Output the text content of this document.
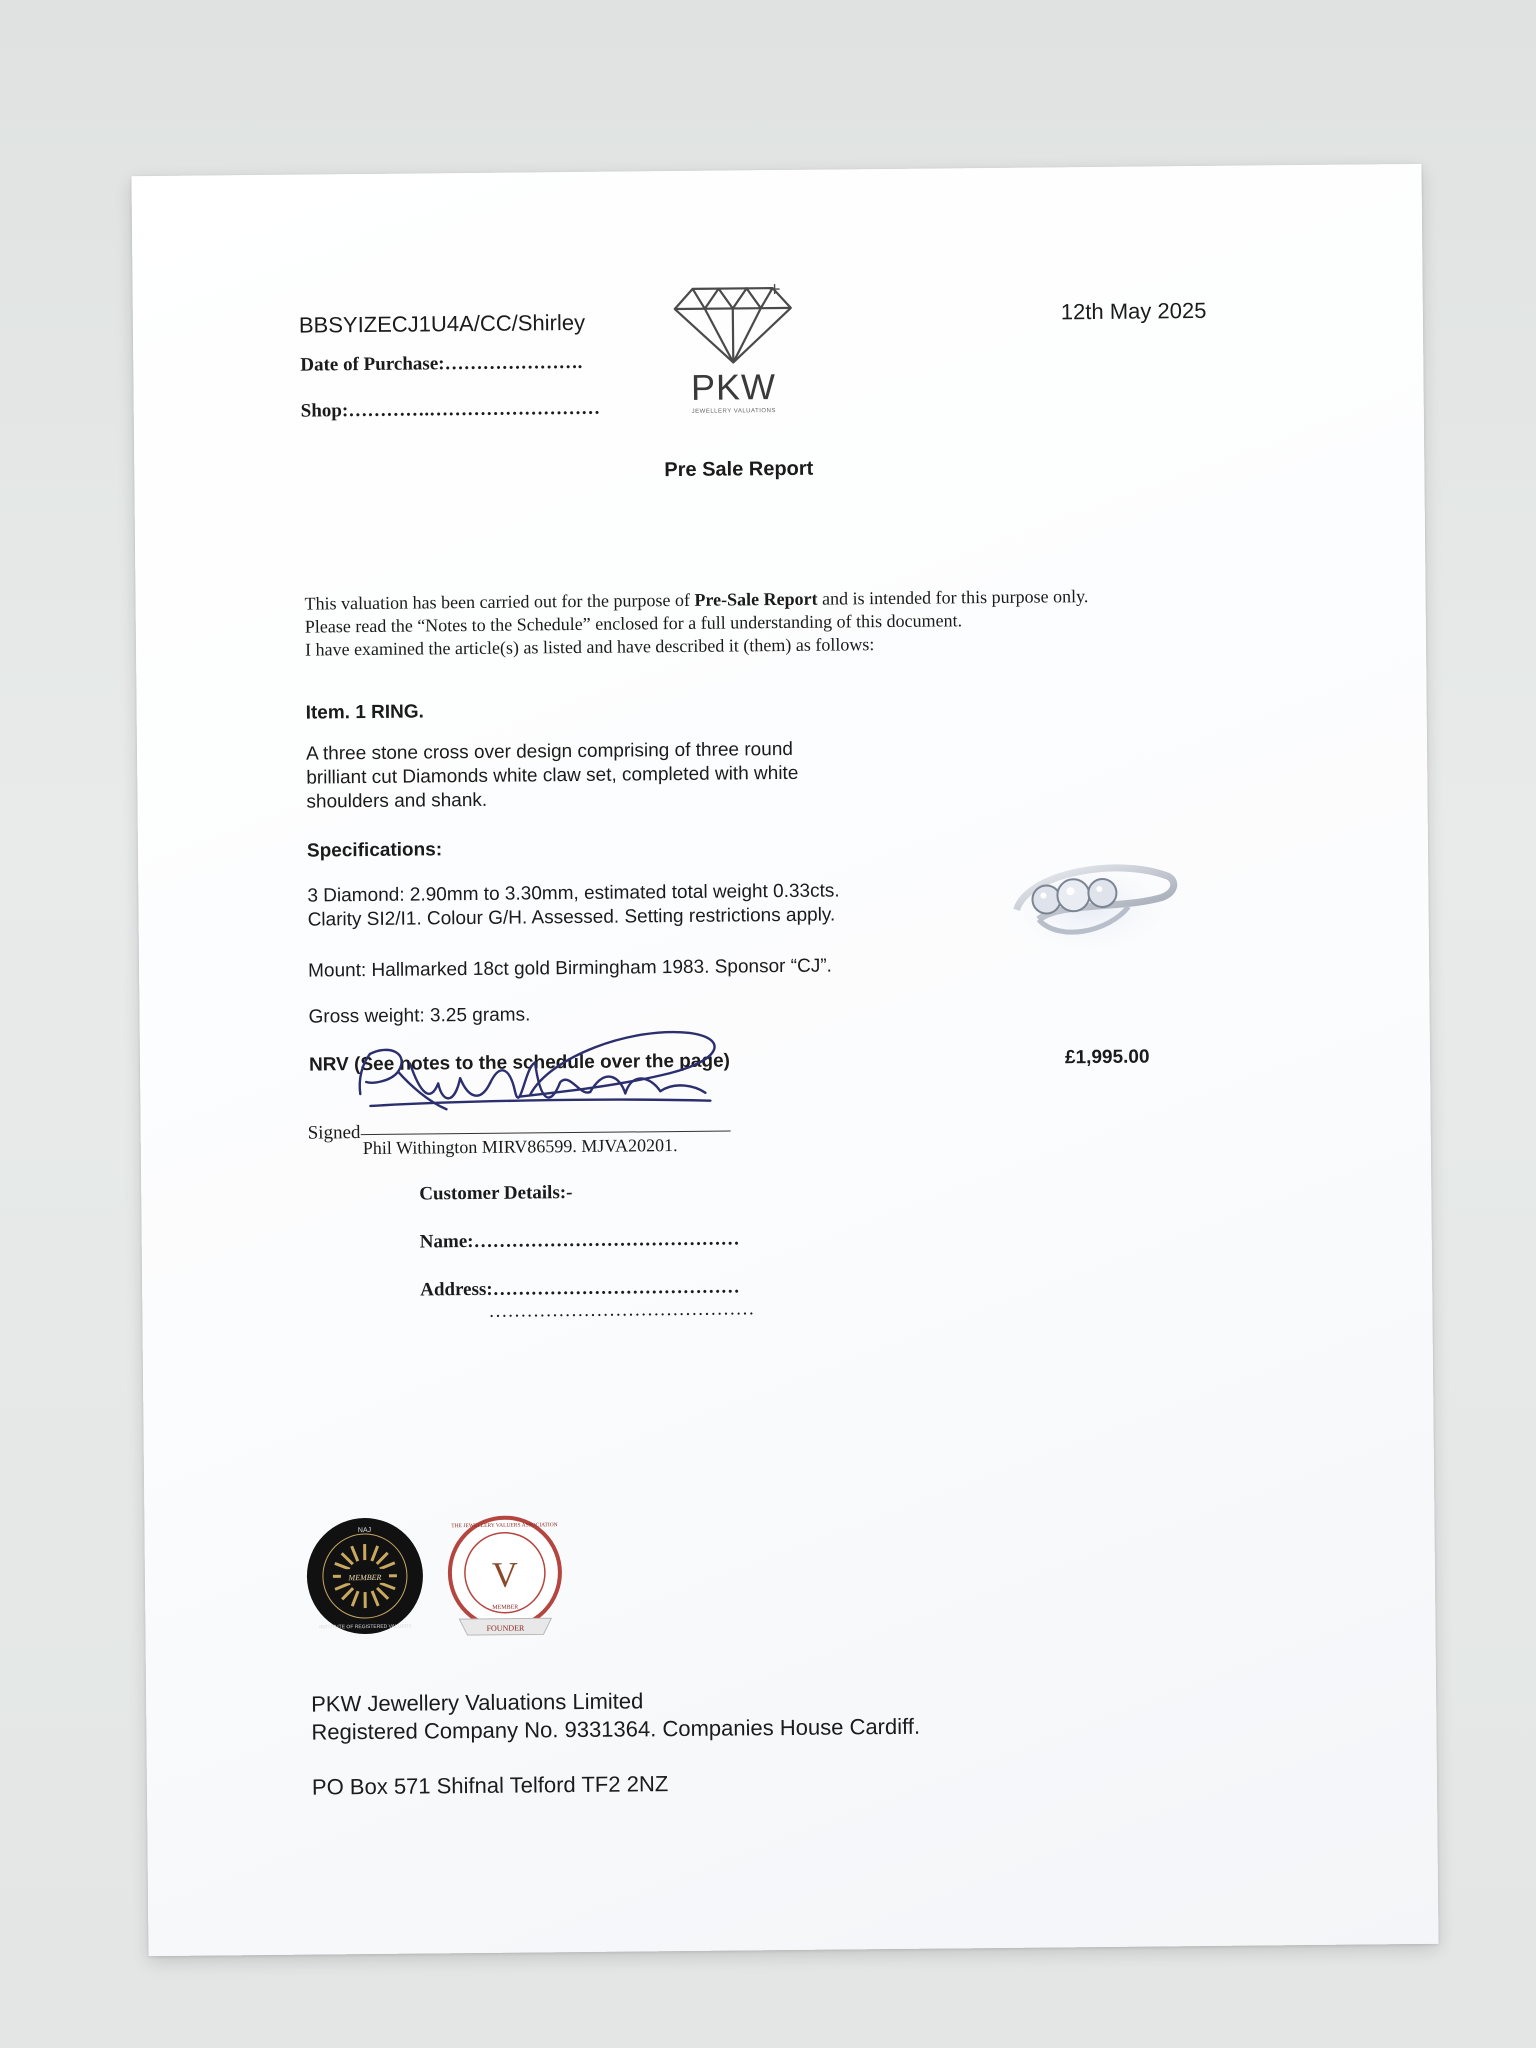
BBSYIZECJ1U4A/CC/Shirley	12th May 2025
Date of Purchase:………………….
Shop:………….………………………
PKW
JEWELLERY VALUATIONS
Pre Sale Report
This valuation has been carried out for the purpose of Pre-Sale Report and is intended for this purpose only.
Please read the “Notes to the Schedule” enclosed for a full understanding of this document.
I have examined the article(s) as listed and have described it (them) as follows:
Item. 1 RING.
A three stone cross over design comprising of three round
brilliant cut Diamonds white claw set, completed with white
shoulders and shank.
Specifications:
3 Diamond: 2.90mm to 3.30mm, estimated total weight 0.33cts.
Clarity SI2/I1. Colour G/H. Assessed. Setting restrictions apply.
Mount: Hallmarked 18ct gold Birmingham 1983. Sponsor “CJ”.
Gross weight: 3.25 grams.
NRV (See notes to the schedule over the page)	£1,995.00
Signed
Phil Withington MIRV86599. MJVA20201.
Customer Details:-
Name:……………………………………
Address:…………………………………
……………………………………
MEMBER
NAJ
INSTITUTE OF REGISTERED VALUERS
V
THE JEWELLERY VALUERS ASSOCIATION
MEMBER
FOUNDER
PKW Jewellery Valuations Limited
Registered Company No. 9331364. Companies House Cardiff.
PO Box 571 Shifnal Telford TF2 2NZ
